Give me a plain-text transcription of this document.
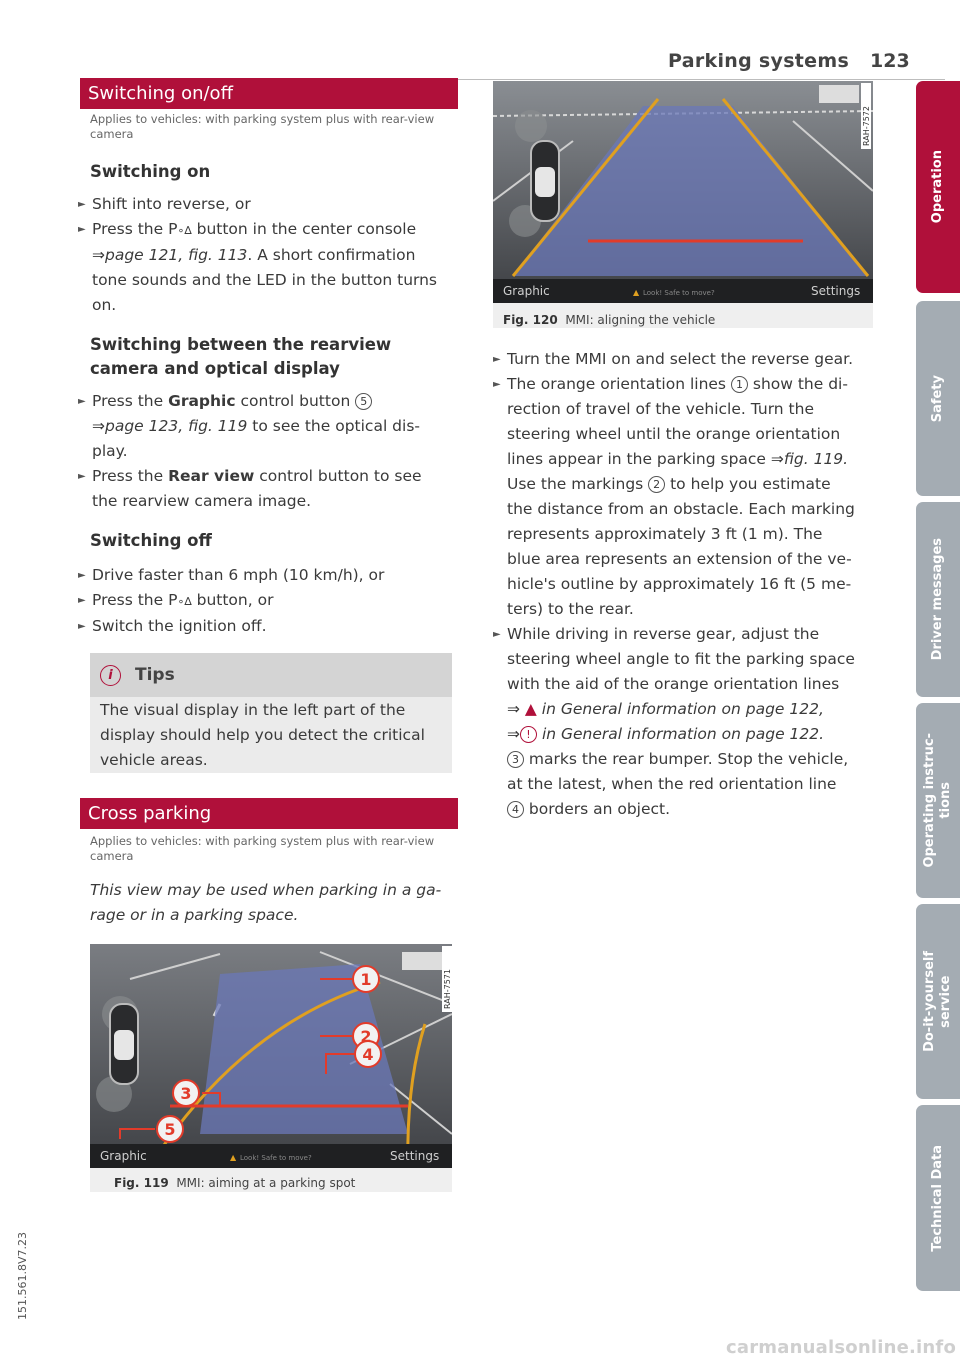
Parking systems 123
Switching on/off
Applies to vehicles: with parking system plus with rear-view camera
Switching on
► Shift into reverse, or
► Press the P∘∆ button in the center console
⇒page 121, fig. 113. A short confirmation
tone sounds and the LED in the button turns
on.
Switching between the rearview camera and optical display
► Press the Graphic control button 5
⇒page 123, fig. 119 to see the optical dis-
play.
► Press the Rear view control button to see
the rearview camera image.
Switching off
► Drive faster than 6 mph (10 km/h), or
► Press the P∘∆ button, or
► Switch the ignition off.
i Tips
The visual display in the left part of the
display should help you detect the critical
vehicle areas.
Cross parking
Applies to vehicles: with parking system plus with rear-view camera
This view may be used when parking in a ga-
rage or in a parking space.
RAH-7571
1
2
4
3
5
Graphic	▲ Look! Safe to move?	Settings
Fig. 119 MMI: aiming at a parking spot
RAH-7572
Graphic	▲ Look! Safe to move?	Settings
Fig. 120 MMI: aligning the vehicle
► Turn the MMI on and select the reverse gear.
► The orange orientation lines 1 show the di-
rection of travel of the vehicle. Turn the
steering wheel until the orange orientation
lines appear in the parking space ⇒fig. 119.
Use the markings 2 to help you estimate
the distance from an obstacle. Each marking
represents approximately 3 ft (1 m). The
blue area represents an extension of the ve-
hicle's outline by approximately 16 ft (5 me-
ters) to the rear.
► While driving in reverse gear, adjust the
steering wheel angle to fit the parking space
with the aid of the orange orientation lines
⇒ ▲ in General information on page 122,
⇒ ! in General information on page 122.
3 marks the rear bumper. Stop the vehicle,
at the latest, when the red orientation line
4 borders an object.
Operation
Safety
Driver messages
Operating instruc-
tions
Do-it-yourself
service
Technical Data
151.561.8V7.23
carmanualsonline.info
